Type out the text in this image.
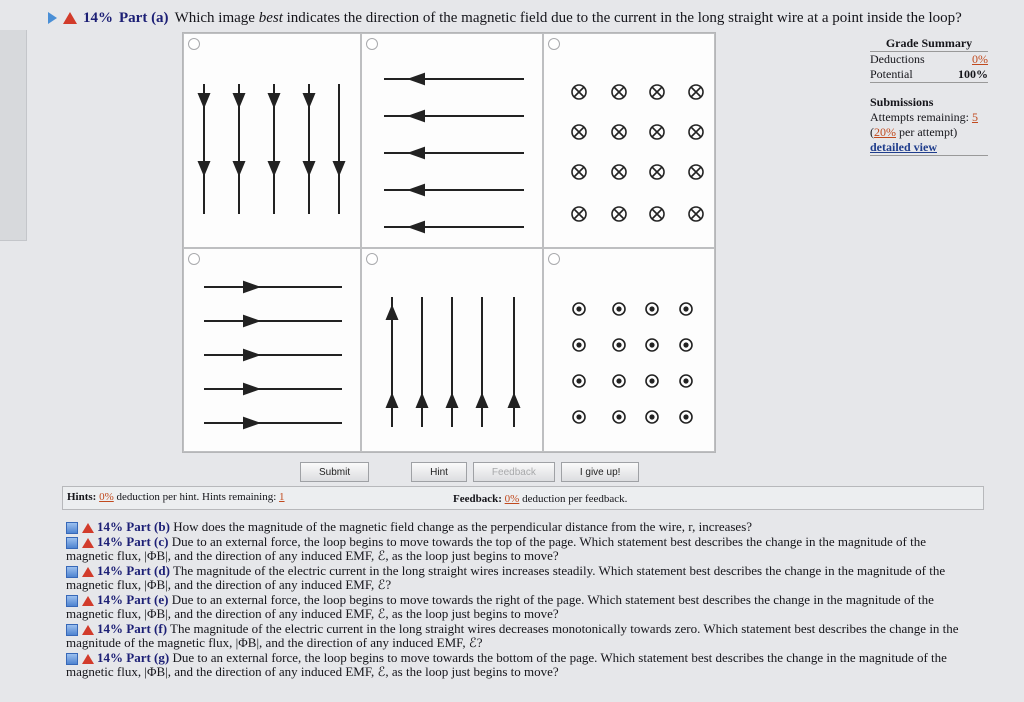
14% Part (a) Which image best indicates the direction of the magnetic field due to the current in the long straight wire at a point inside the loop?
Grade Summary
Deductions	0%
Potential	100%
Submissions
Attempts remaining: 5
(20% per attempt)
detailed view
Submit	Hint	Feedback	I give up!
Hints: 0% deduction per hint. Hints remaining: 1	Feedback: 0% deduction per feedback.

14% Part (b) How does the magnitude of the magnetic field change as the perpendicular distance from the wire, r, increases?

14% Part (c) Due to an external force, the loop begins to move towards the top of the page. Which statement best describes the change in the magnitude of the magnetic flux, |ΦB|, and the direction of any induced EMF, ℰ, as the loop just begins to move?

14% Part (d) The magnitude of the electric current in the long straight wires increases steadily. Which statement best describes the change in the magnitude of the magnetic flux, |ΦB|, and the direction of any induced EMF, ℰ?

14% Part (e) Due to an external force, the loop begins to move towards the right of the page. Which statement best describes the change in the magnitude of the magnetic flux, |ΦB|, and the direction of any induced EMF, ℰ, as the loop just begins to move?

14% Part (f) The magnitude of the electric current in the long straight wires decreases monotonically towards zero. Which statement best describes the change in the magnitude of the magnetic flux, |ΦB|, and the direction of any induced EMF, ℰ?

14% Part (g) Due to an external force, the loop begins to move towards the bottom of the page. Which statement best describes the change in the magnitude of the magnetic flux, |ΦB|, and the direction of any induced EMF, ℰ, as the loop just begins to move?
